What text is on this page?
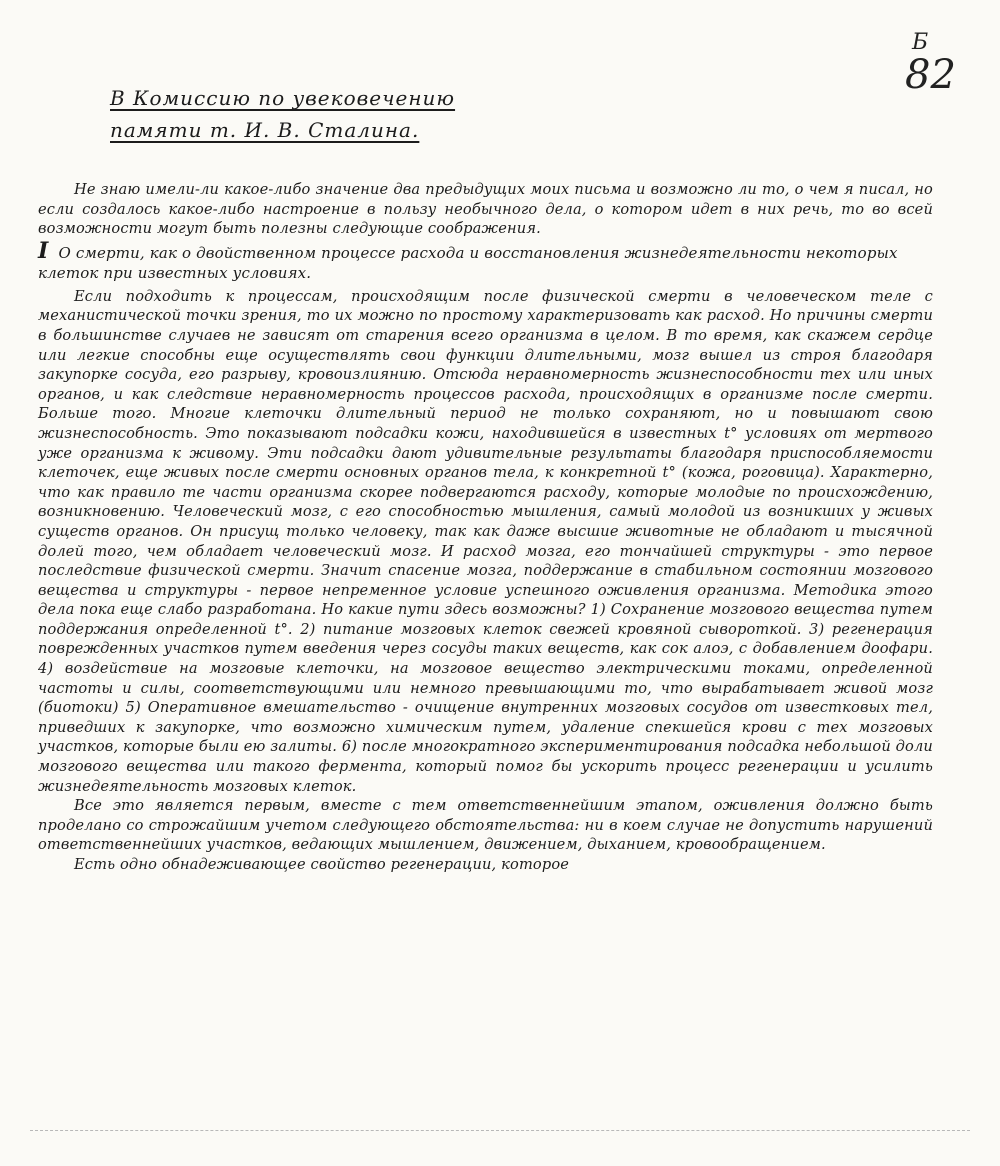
Б
82
В Комиссию по увековечению
памяти т. И. В. Сталина.

Не знаю имели-ли какое-либо значение два предыдущих моих письма и возможно ли то, о чем я писал, но если создалось какое-либо настроение в пользу необычного дела, о котором идет в них речь, то во всей возможности могут быть полезны следующие соображения.

I О смерти, как о двойственном процессе расхода и восстановления жизнедеятельности некоторых клеток при известных условиях.

Если подходить к процессам, происходящим после физической смерти в человеческом теле с механистической точки зрения, то их можно по простому характеризовать как расход. Но причины смерти в большинстве случаев не зависят от старения всего организма в целом. В то время, как скажем сердце или легкие способны еще осуществлять свои функции длительными, мозг вышел из строя благодаря закупорке сосуда, его разрыву, кровоизлиянию. Отсюда неравномерность жизнеспособности тех или иных органов, и как следствие неравномерность процессов расхода, происходящих в организме после смерти. Больше того. Многие клеточки длительный период не только сохраняют, но и повышают свою жизнеспособность. Это показывают подсадки кожи, находившейся в известных t° условиях от мертвого уже организма к живому. Эти подсадки дают удивительные результаты благодаря приспособляемости клеточек, еще живых после смерти основных органов тела, к конкретной t° (кожа, роговица). Характерно, что как правило те части организма скорее подвергаются расходу, которые молодые по происхождению, возникновению. Человеческий мозг, с его способностью мышления, самый молодой из возникших у живых существ органов. Он присущ только человеку, так как даже высшие животные не обладают и тысячной долей того, чем обладает человеческий мозг. И расход мозга, его тончайшей структуры - это первое последствие физической смерти. Значит спасение мозга, поддержание в стабильном состоянии мозгового вещества и структуры - первое непременное условие успешного оживления организма. Методика этого дела пока еще слабо разработана. Но какие пути здесь возможны? 1) Сохранение мозгового вещества путем поддержания определенной t°. 2) питание мозговых клеток свежей кровяной сывороткой. 3) регенерация поврежденных участков путем введения через сосуды таких веществ, как сок алоэ, с добавлением доофари. 4) воздействие на мозговые клеточки, на мозговое вещество электрическими токами, определенной частоты и силы, соответствующими или немного превышающими то, что вырабатывает живой мозг (биотоки) 5) Оперативное вмешательство - очищение внутренних мозговых сосудов от известковых тел, приведших к закупорке, что возможно химическим путем, удаление спекшейся крови с тех мозговых участков, которые были ею залиты. 6) после многократного экспериментирования подсадка небольшой доли мозгового вещества или такого фермента, который помог бы ускорить процесс регенерации и усилить жизнедеятельность мозговых клеток.

Все это является первым, вместе с тем ответственнейшим этапом, оживления должно быть проделано со строжайшим учетом следующего обстоятельства: ни в коем случае не допустить нарушений ответственнейших участков, ведающих мышлением, движением, дыханием, кровообращением.

Есть одно обнадеживающее свойство регенерации, которое
